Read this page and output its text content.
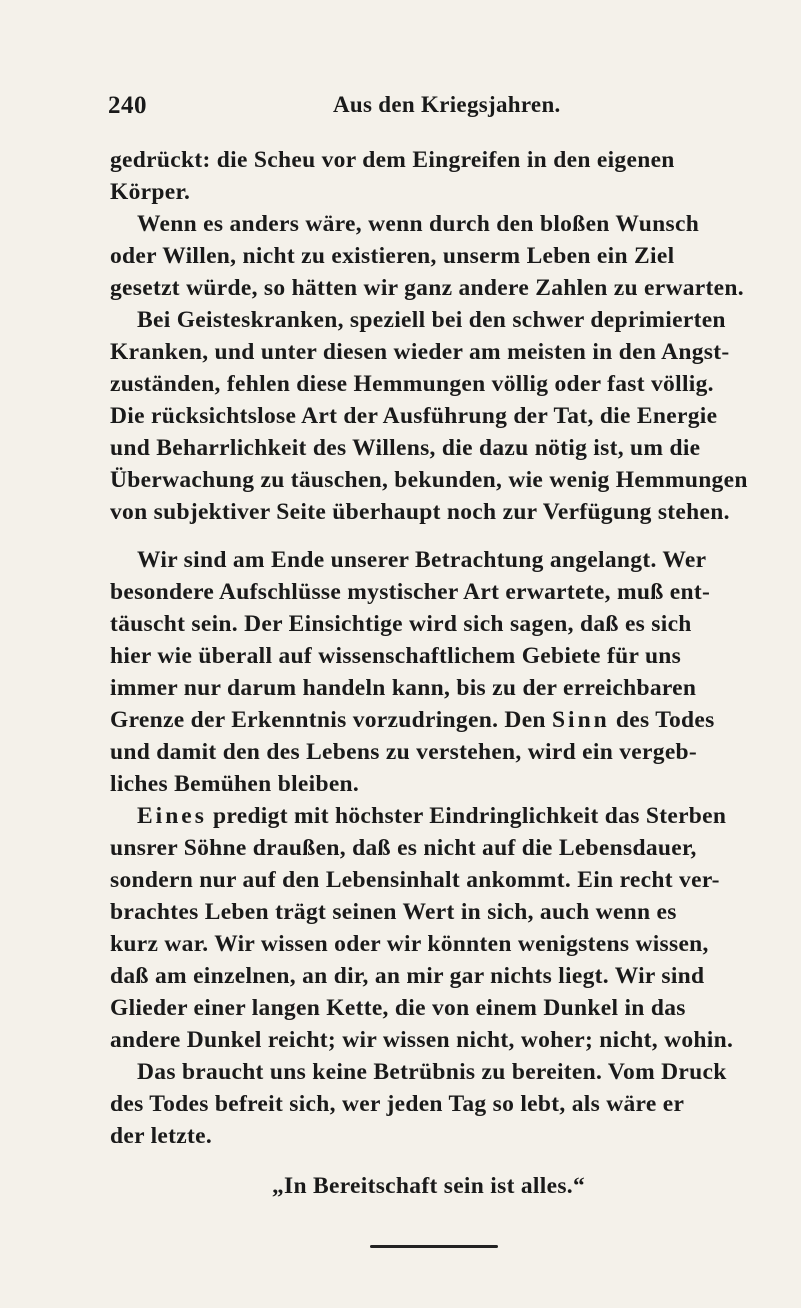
240	Aus den Kriegsjahren.
gedrückt: die Scheu vor dem Eingreifen in den eigenen
Körper.
Wenn es anders wäre, wenn durch den bloßen Wunsch
oder Willen, nicht zu existieren, unserm Leben ein Ziel
gesetzt würde, so hätten wir ganz andere Zahlen zu erwarten.
Bei Geisteskranken, speziell bei den schwer deprimierten
Kranken, und unter diesen wieder am meisten in den Angst-
zuständen, fehlen diese Hemmungen völlig oder fast völlig.
Die rücksichtslose Art der Ausführung der Tat, die Energie
und Beharrlichkeit des Willens, die dazu nötig ist, um die
Überwachung zu täuschen, bekunden, wie wenig Hemmungen
von subjektiver Seite überhaupt noch zur Verfügung stehen.
Wir sind am Ende unserer Betrachtung angelangt. Wer
besondere Aufschlüsse mystischer Art erwartete, muß ent-
täuscht sein. Der Einsichtige wird sich sagen, daß es sich
hier wie überall auf wissenschaftlichem Gebiete für uns
immer nur darum handeln kann, bis zu der erreichbaren
Grenze der Erkenntnis vorzudringen. Den Sinn des Todes
und damit den des Lebens zu verstehen, wird ein vergeb-
liches Bemühen bleiben.
Eines predigt mit höchster Eindringlichkeit das Sterben
unsrer Söhne draußen, daß es nicht auf die Lebensdauer,
sondern nur auf den Lebensinhalt ankommt. Ein recht ver-
brachtes Leben trägt seinen Wert in sich, auch wenn es
kurz war. Wir wissen oder wir könnten wenigstens wissen,
daß am einzelnen, an dir, an mir gar nichts liegt. Wir sind
Glieder einer langen Kette, die von einem Dunkel in das
andere Dunkel reicht; wir wissen nicht, woher; nicht, wohin.
Das braucht uns keine Betrübnis zu bereiten. Vom Druck
des Todes befreit sich, wer jeden Tag so lebt, als wäre er
der letzte.
„In Bereitschaft sein ist alles.“
